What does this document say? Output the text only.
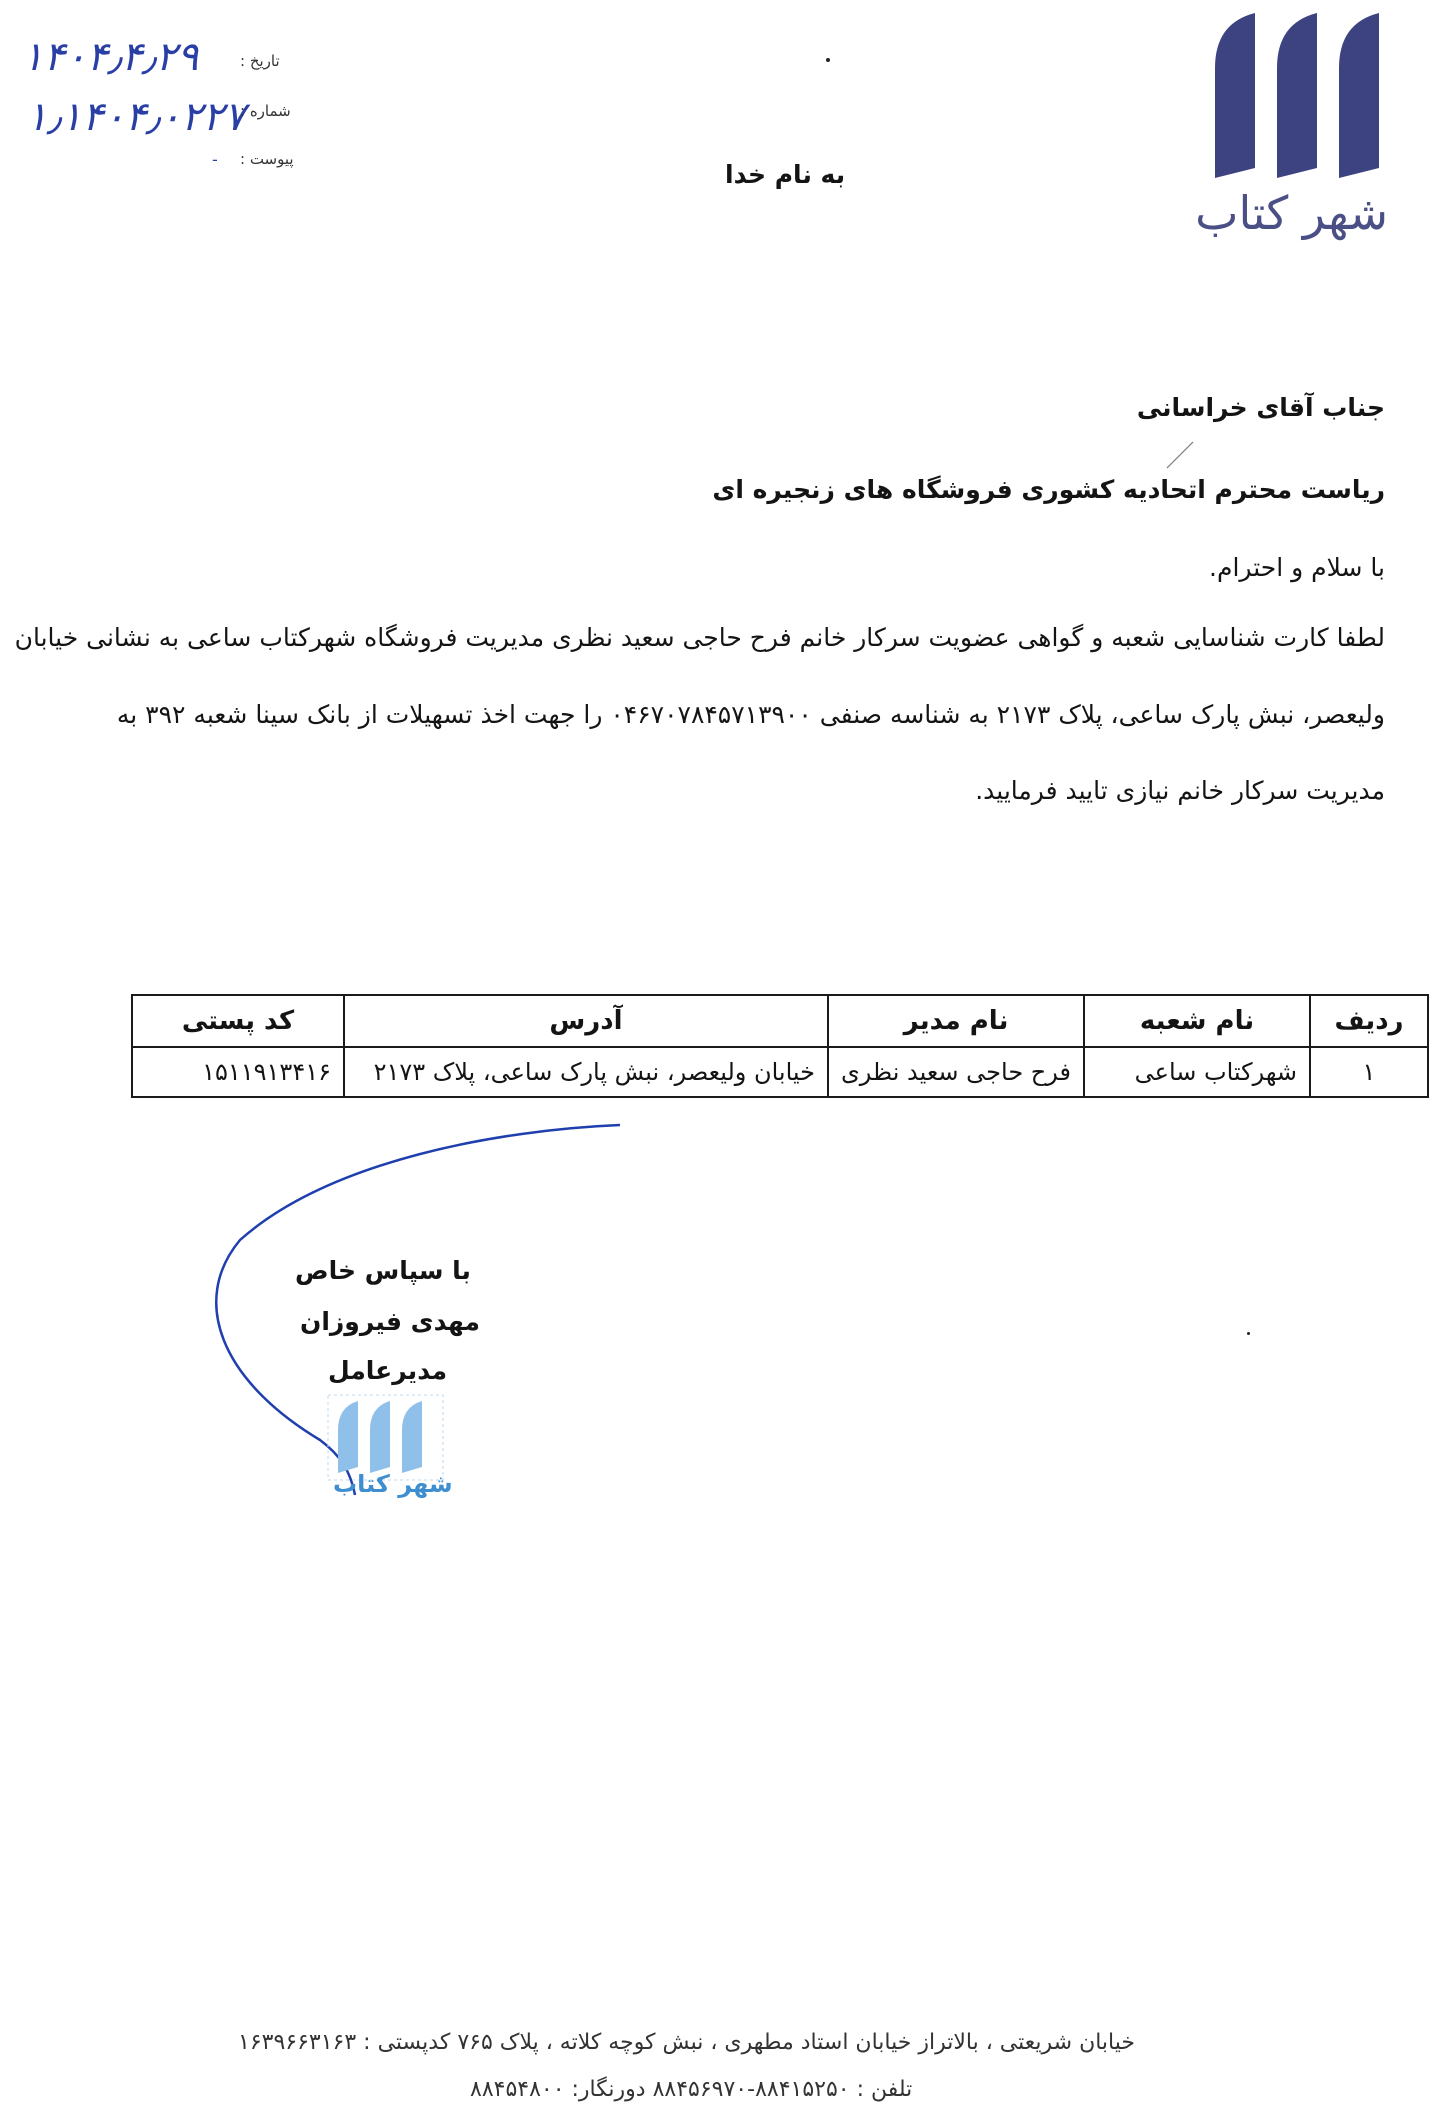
شهر کتاب
۱۴۰۴٫۴٫۲۹	تاریخ :
۱٫۱۴۰۴٫۰۲۲۷
شماره :
پیوست :
-
به نام خدا
جناب آقای خراسانی
ریاست محترم اتحادیه کشوری فروشگاه های زنجیره ای
با سلام و احترام.
لطفا کارت شناسایی شعبه و گواهی عضویت سرکار خانم فرح حاجی سعید نظری مدیریت فروشگاه شهرکتاب ساعی به نشانی خیابان
ولیعصر، نبش پارک ساعی، پلاک ۲۱۷۳ به شناسه صنفی ۰۴۶۷۰۷۸۴۵۷۱۳۹۰۰ را جهت اخذ تسهیلات از بانک سینا شعبه ۳۹۲ به
مدیریت سرکار خانم نیازی تایید فرمایید.
ردیف	نام شعبه	نام مدیر	آدرس	کد پستی
۱	شهرکتاب ساعی	فرح حاجی سعید نظری	خیابان ولیعصر، نبش پارک ساعی، پلاک ۲۱۷۳	۱۵۱۱۹۱۳۴۱۶
با سپاس خاص
مهدی فیروزان
مدیرعامل
شهر کتاب
خیابان شریعتی ، بالاتراز خیابان استاد مطهری ، نبش کوچه کلاته ، پلاک ۷۶۵ کدپستی : ۱۶۳۹۶۶۳۱۶۳
تلفن : ۸۸۴۱۵۲۵۰-۸۸۴۵۶۹۷۰ دورنگار: ۸۸۴۵۴۸۰۰
